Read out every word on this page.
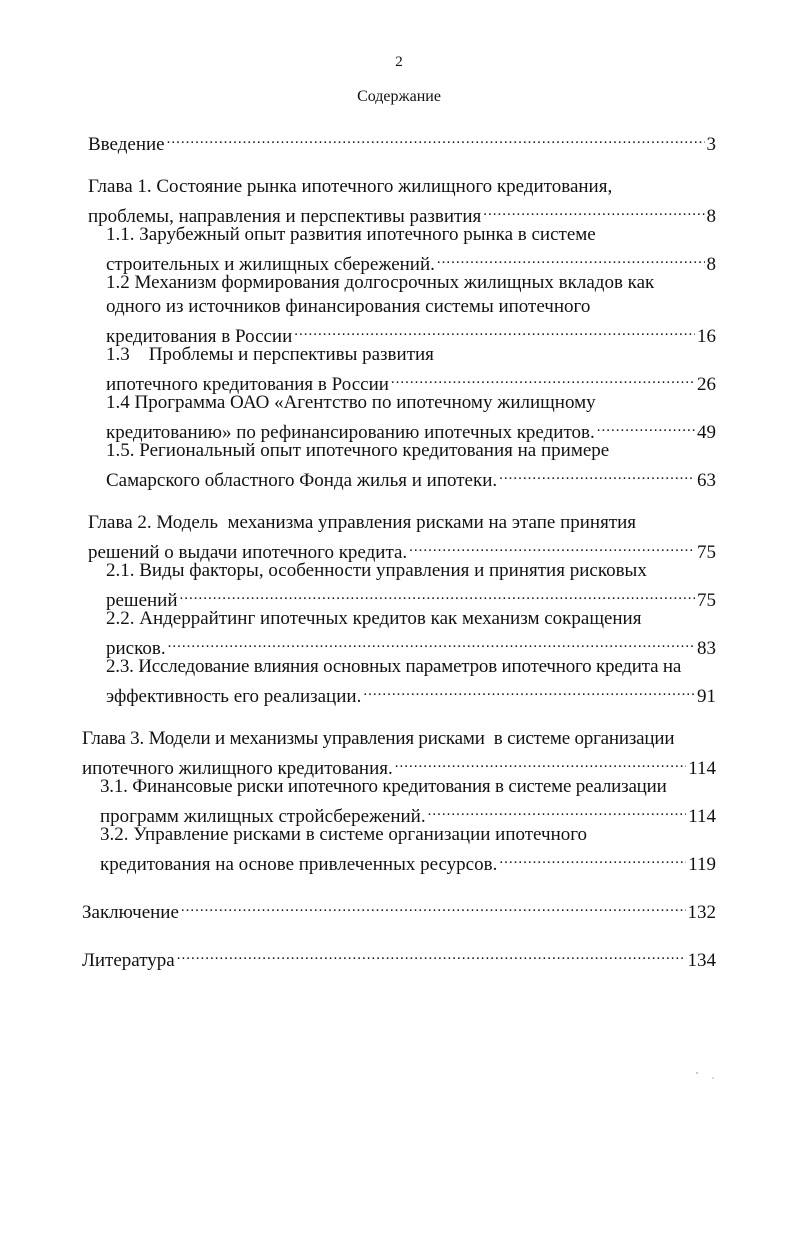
2
Содержание
Введение .....	3
Глава 1. Состояние рынка ипотечного жилищного кредитования,
проблемы, направления и перспективы развития .....	8
1.1. Зарубежный опыт развития ипотечного рынка в системе
строительных и жилищных сбережений. .....	8
1.2 Механизм формирования долгосрочных жилищных вкладов как
одного из источников финансирования системы ипотечного
кредитования в России .....	16
1.3    Проблемы и перспективы развития
ипотечного кредитования в России .....	26
1.4 Программа ОАО «Агентство по ипотечному жилищному
кредитованию» по рефинансированию ипотечных кредитов. .....	49
1.5. Региональный опыт ипотечного кредитования на примере
Самарского областного Фонда жилья и ипотеки. .....	63
Глава 2. Модель  механизма управления рисками на этапе принятия
решений о выдачи ипотечного кредита. .....	75
2.1. Виды факторы, особенности управления и принятия рисковых
решений .....	75
2.2. Андеррайтинг ипотечных кредитов как механизм сокращения
рисков. .....	83
2.3. Исследование влияния основных параметров ипотечного кредита на
эффективность его реализации. .....	91
Глава 3. Модели и механизмы управления рисками  в системе организации
ипотечного жилищного кредитования. .....	114
3.1. Финансовые риски ипотечного кредитования в системе реализации
программ жилищных стройсбережений. .....	114
3.2. Управление рисками в системе организации ипотечного
кредитования на основе привлеченных ресурсов. .....	119
Заключение .....	132
Литература .....	134
